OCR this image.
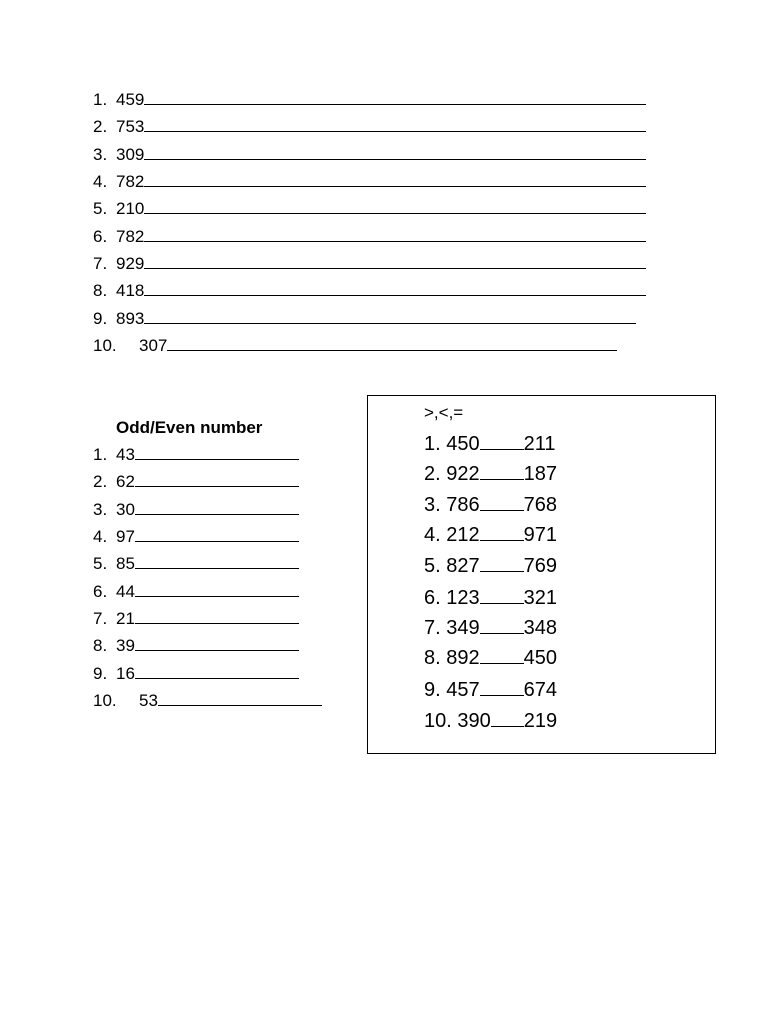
1. 459
2. 753
3. 309
4. 782
5. 210
6. 782
7. 929
8. 418
9. 893
10. 307
Odd/Even number
1. 43
2. 62
3. 30
4. 97
5. 85
6. 44
7. 21
8. 39
9. 16
10. 53
>,<,=
1. 450 211
2. 922 187
3. 786 768
4. 212 971
5. 827 769
6. 123 321
7. 349 348
8. 892 450
9. 457 674
10. 390 219
